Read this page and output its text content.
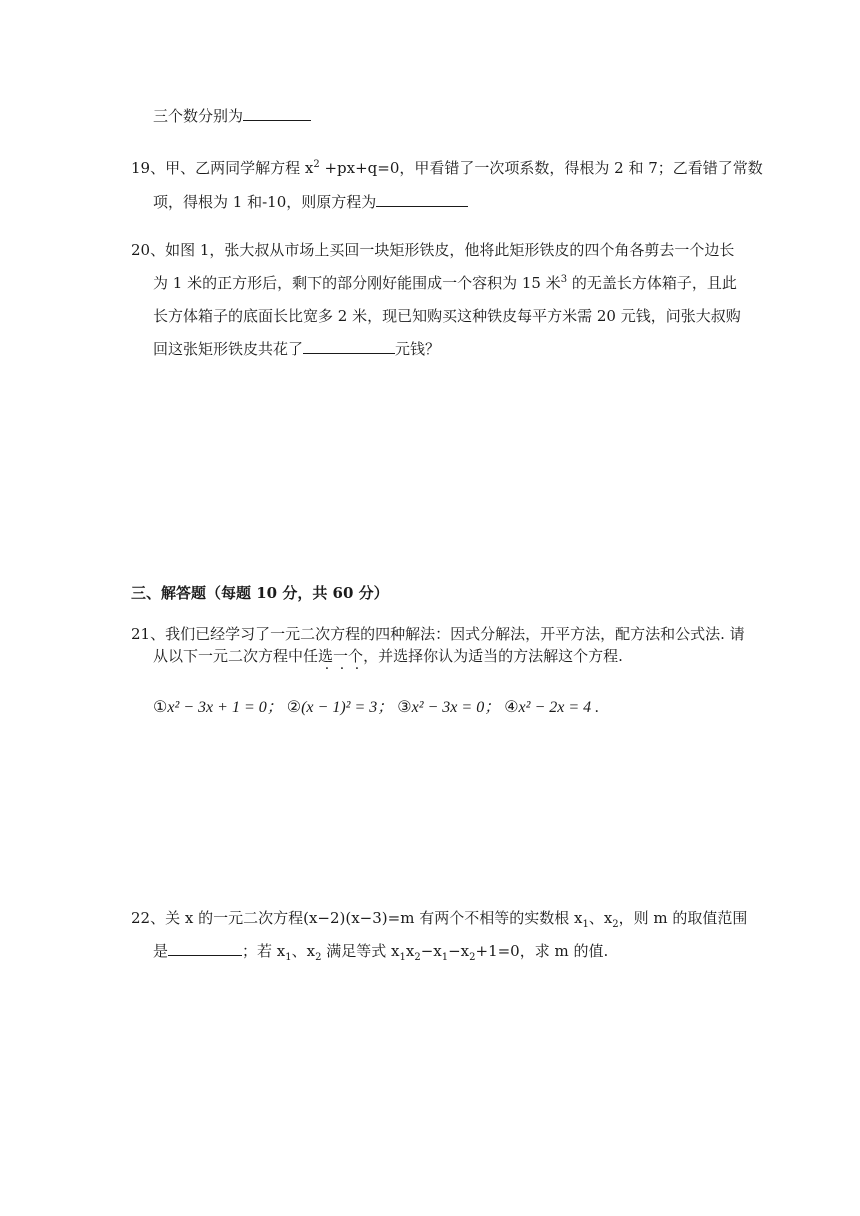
三个数分别为
19、甲、乙两同学解方程 $x^2 +px+q=0$，甲看错了一次项系数，得根为 2 和 7；乙看错了常数
项，得根为 1 和-10，则原方程为
20、如图 1，张大叔从市场上买回一块矩形铁皮，他将此矩形铁皮的四个角各剪去一个边长
为 1 米的正方形后，剩下的部分刚好能围成一个容积为 15 米$^3$ 的无盖长方体箱子，且此
长方体箱子的底面长比宽多 2 米，现已知购买这种铁皮每平方米需 20 元钱，问张大叔购
回这张矩形铁皮共花了	元钱？
三、解答题（每题 10 分，共 60 分）
21、我们已经学习了一元二次方程的四种解法：因式分解法，开平方法，配方法和公式法. 请
从以下一元二次方程中任选一个，并选择你认为适当的方法解这个方程.
①x² − 3x + 1 = 0； ②(x − 1)² = 3； ③x² − 3x = 0； ④x² − 2x = 4 .
22、关 x 的一元二次方程(x−2)(x−3)=m 有两个不相等的实数根 $x_1$、$x_2$，则 m 的取值范围
是	；若 $x_1$、$x_2$ 满足等式 $x_1x_2-x_1-x_2+1=0$，求 m 的值.
